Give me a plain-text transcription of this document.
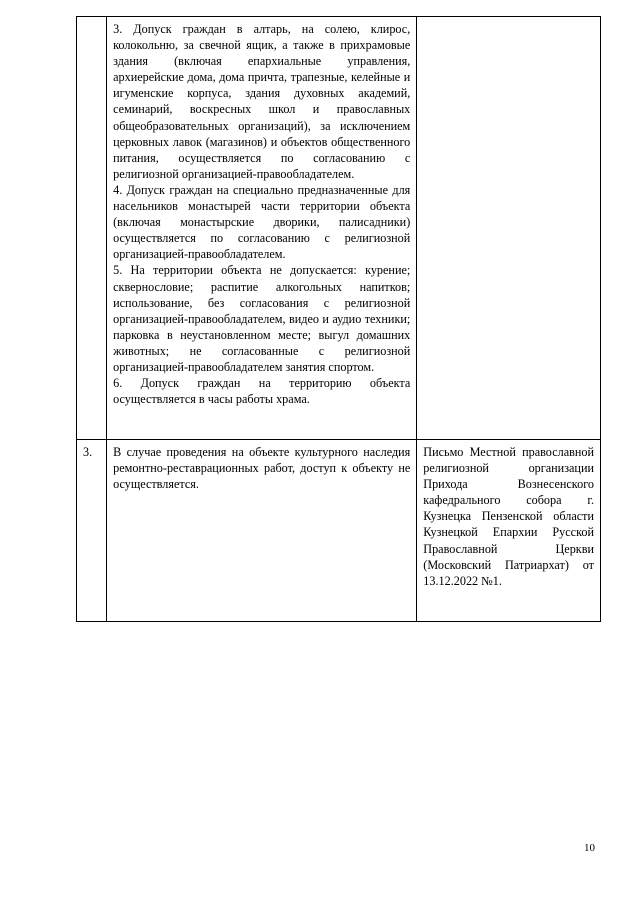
	3. Допуск граждан в алтарь, на солею, клирос, колокольню, за свечной ящик, а также в прихрамовые здания (включая епархиальные управления, архиерейские дома, дома причта, трапезные, келейные и игуменские корпуса, здания духовных академий, семинарий, воскресных школ и православных общеобразовательных организаций), за исключением церковных лавок (магазинов) и объектов общественного питания, осуществляется по согласованию с религиозной организацией-правообладателем.

4. Допуск граждан на специально предназначенные для насельников монастырей части территории объекта (включая монастырские дворики, палисадники) осуществляется по согласованию с религиозной организацией-правообладателем.

5. На территории объекта не допускается: курение; сквернословие; распитие алкогольных напитков; использование, без согласования с религиозной организацией-правообладателем, видео и аудио техники; парковка в неустановленном месте; выгул домашних животных; не согласованные с религиозной организацией-правообладателем занятия спортом.

6. Допуск граждан на территорию объекта осуществляется в часы работы храма.	

3.	В случае проведения на объекте культурного наследия ремонтно-реставрационных работ, доступ к объекту не осуществляется.	Письмо Местной православной религиозной организации Прихода Вознесенского кафедрального собора г. Кузнецка Пензенской области Кузнецкой Епархии Русской Православной Церкви (Московский Патриархат) от 13.12.2022 №1.
10
